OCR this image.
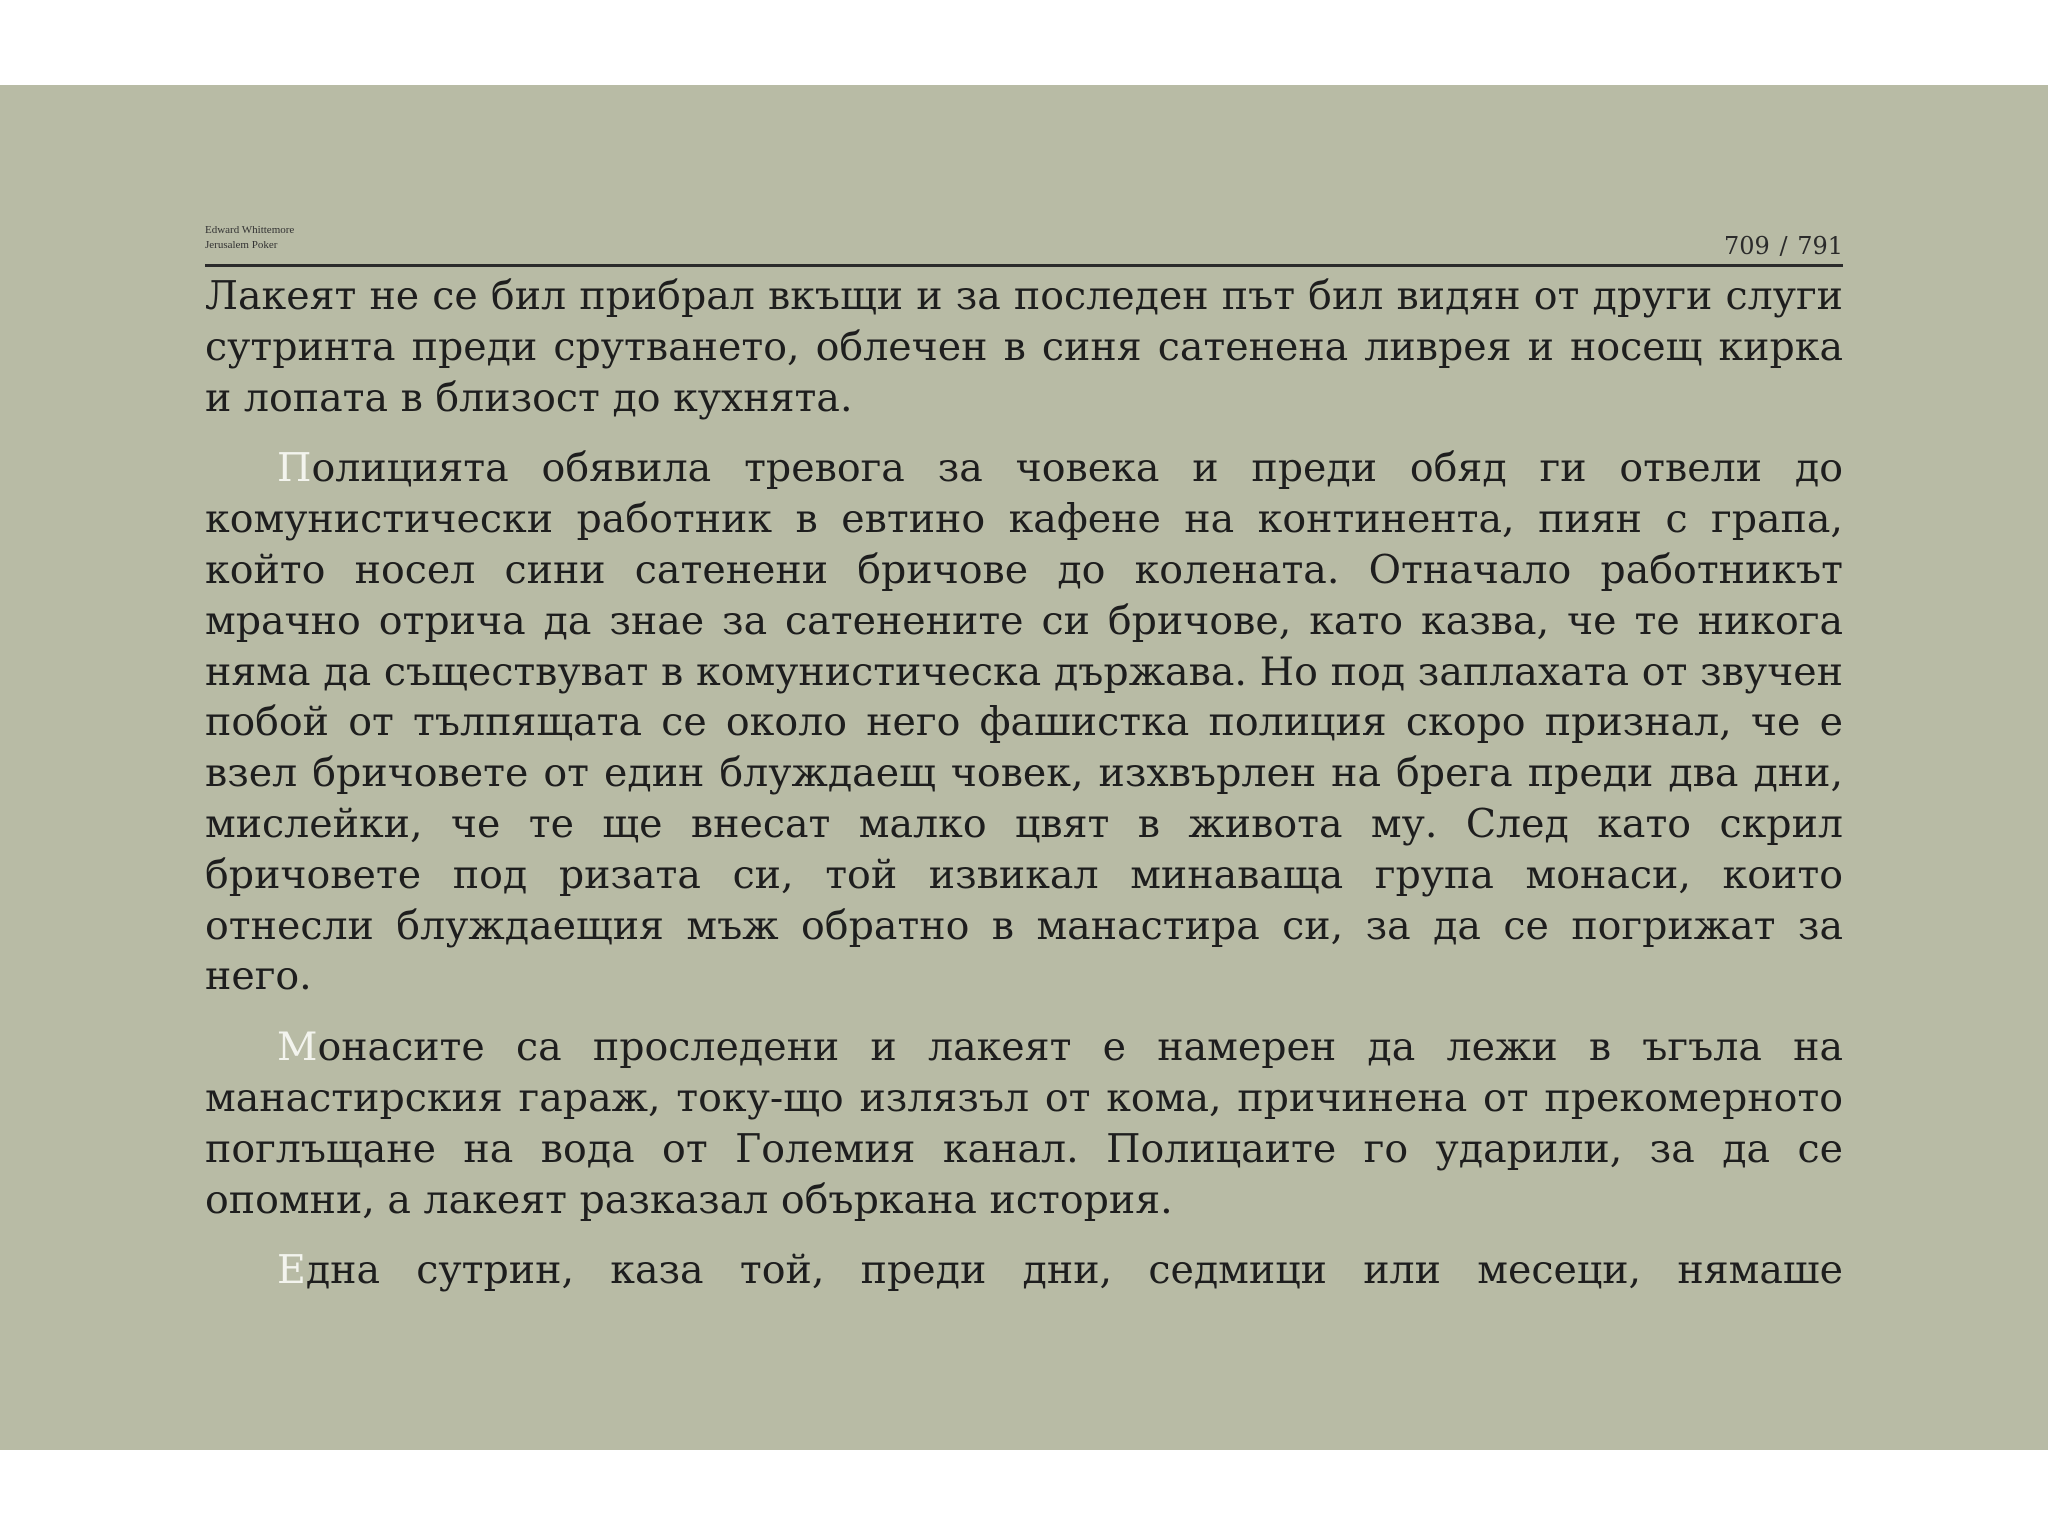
Edward Whittemore
Jerusalem Poker	709 / 791

Лакеят не се бил прибрал вкъщи и за последен път бил видян от други слуги сутринта преди срутването, облечен в синя сатенена ливрея и носещ кирка и лопата в близост до кухнята.

Полицията обявила тревога за човека и преди обяд ги отвели до комунистически работник в евтино кафене на континента, пиян с грапа, който носел сини сатенени бричове до колената. Отначало работникът мрачно отрича да знае за сатенените си бричове, като казва, че те никога няма да съществуват в комунистическа държава. Но под заплахата от звучен побой от тълпящата се около него фашистка полиция скоро признал, че е взел бричовете от един блуждаещ човек, изхвърлен на брега преди два дни, мислейки, че те ще внесат малко цвят в живота му. След като скрил бричовете под ризата си, той извикал минаваща група монаси, които отнесли блуждаещия мъж обратно в манастира си, за да се погрижат за него.

Монасите са проследени и лакеят е намерен да лежи в ъгъла на манастирския гараж, току-що излязъл от кома, причинена от прекомерното поглъщане на вода от Големия канал. Полицаите го ударили, за да се опомни, а лакеят разказал объркана история.

Една сутрин, каза той, преди дни, седмици или месеци, нямаше
